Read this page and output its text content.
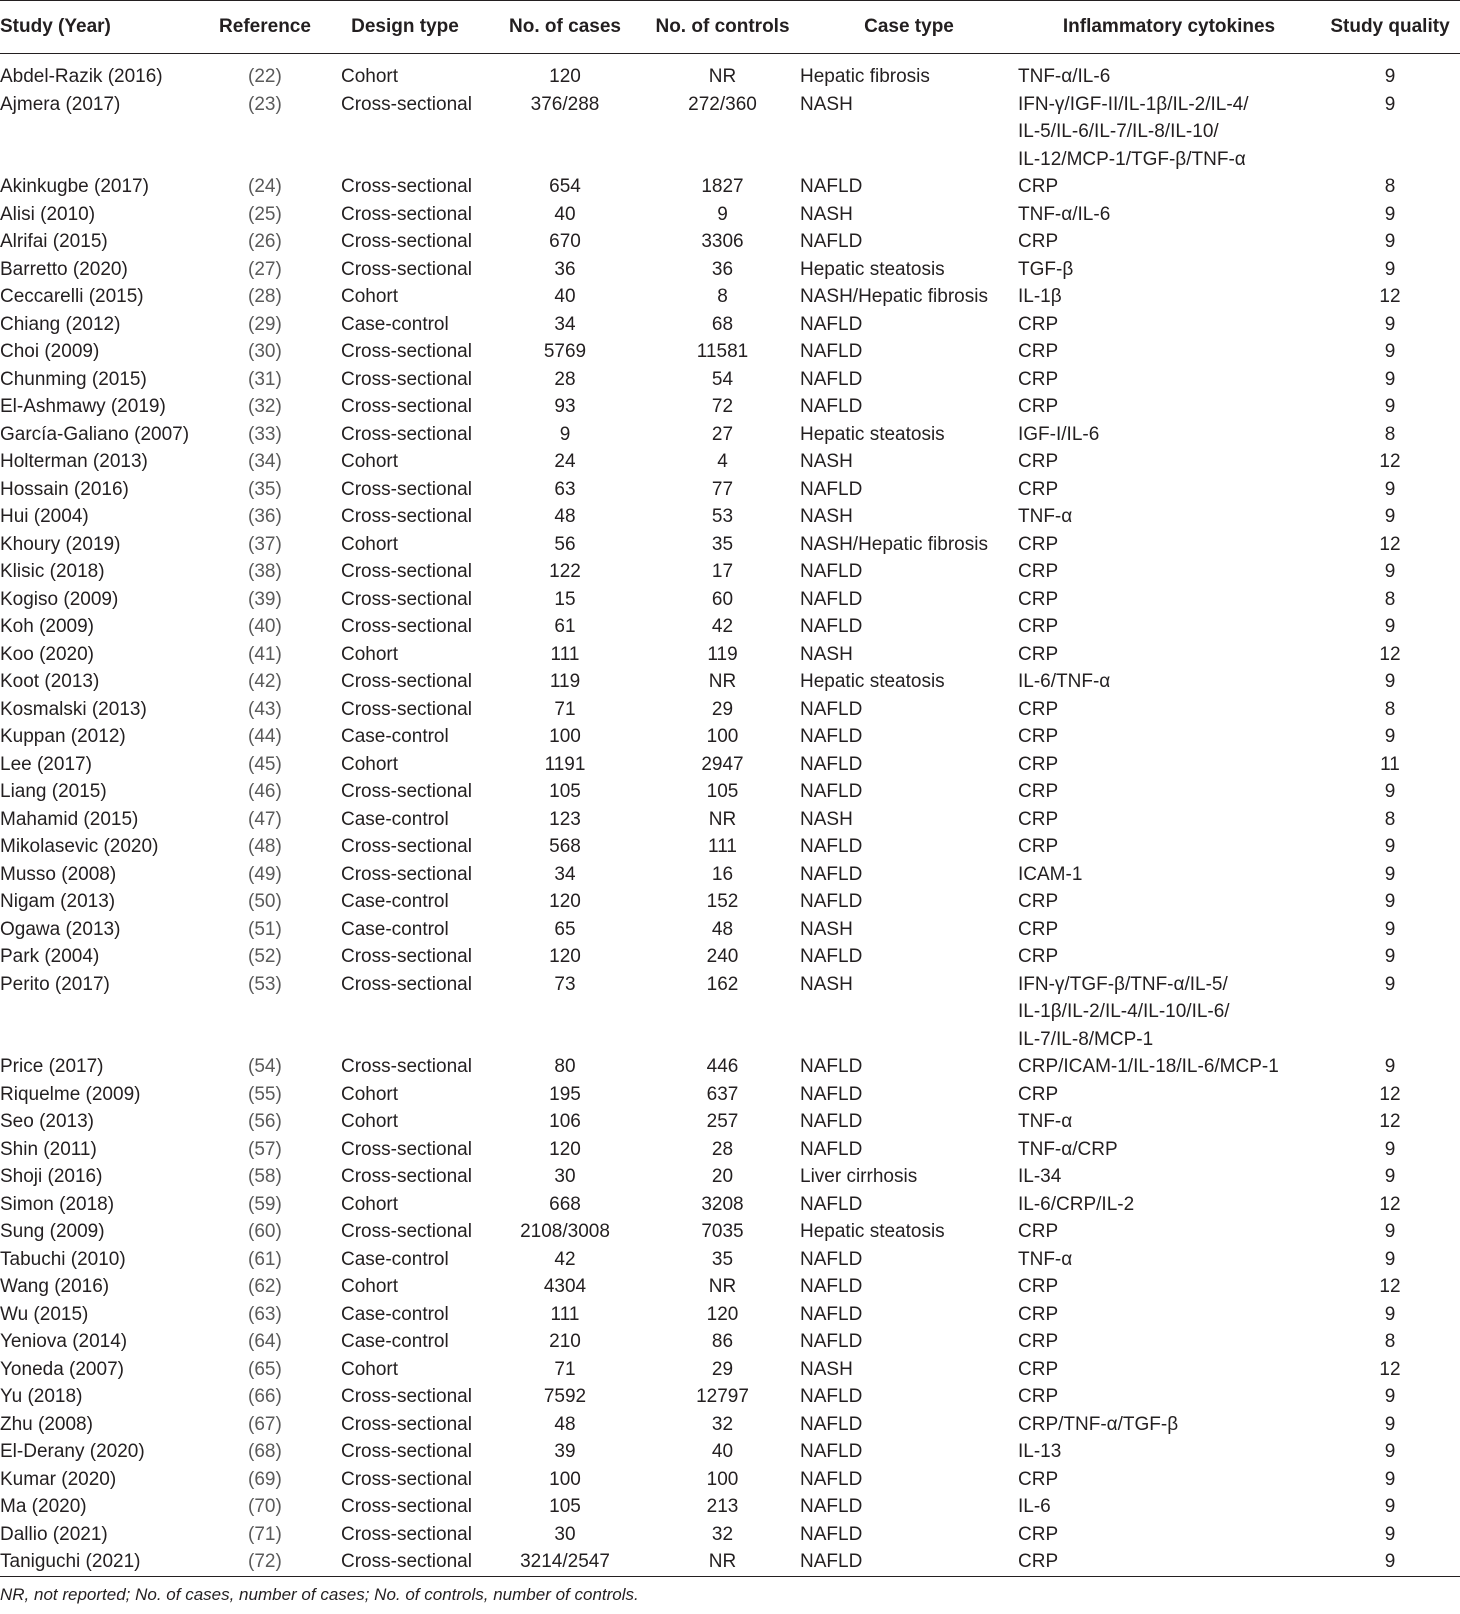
Study (Year)	Reference	Design type	No. of cases	No. of controls	Case type	Inflammatory cytokines	Study quality
Abdel-Razik (2016)	(22)	Cohort	120	NR	Hepatic fibrosis	TNF-α/IL-6	9
Ajmera (2017)	(23)	Cross-sectional	376/288	272/360	NASH	IFN-γ/IGF-II/IL-1β/IL-2/IL-4/
IL-5/IL-6/IL-7/IL-8/IL-10/
IL-12/MCP-1/TGF-β/TNF-α	9
Akinkugbe (2017)	(24)	Cross-sectional	654	1827	NAFLD	CRP	8
Alisi (2010)	(25)	Cross-sectional	40	9	NASH	TNF-α/IL-6	9
Alrifai (2015)	(26)	Cross-sectional	670	3306	NAFLD	CRP	9
Barretto (2020)	(27)	Cross-sectional	36	36	Hepatic steatosis	TGF-β	9
Ceccarelli (2015)	(28)	Cohort	40	8	NASH/Hepatic fibrosis	IL-1β	12
Chiang (2012)	(29)	Case-control	34	68	NAFLD	CRP	9
Choi (2009)	(30)	Cross-sectional	5769	11581	NAFLD	CRP	9
Chunming (2015)	(31)	Cross-sectional	28	54	NAFLD	CRP	9
El-Ashmawy (2019)	(32)	Cross-sectional	93	72	NAFLD	CRP	9
García-Galiano (2007)	(33)	Cross-sectional	9	27	Hepatic steatosis	IGF-I/IL-6	8
Holterman (2013)	(34)	Cohort	24	4	NASH	CRP	12
Hossain (2016)	(35)	Cross-sectional	63	77	NAFLD	CRP	9
Hui (2004)	(36)	Cross-sectional	48	53	NASH	TNF-α	9
Khoury (2019)	(37)	Cohort	56	35	NASH/Hepatic fibrosis	CRP	12
Klisic (2018)	(38)	Cross-sectional	122	17	NAFLD	CRP	9
Kogiso (2009)	(39)	Cross-sectional	15	60	NAFLD	CRP	8
Koh (2009)	(40)	Cross-sectional	61	42	NAFLD	CRP	9
Koo (2020)	(41)	Cohort	111	119	NASH	CRP	12
Koot (2013)	(42)	Cross-sectional	119	NR	Hepatic steatosis	IL-6/TNF-α	9
Kosmalski (2013)	(43)	Cross-sectional	71	29	NAFLD	CRP	8
Kuppan (2012)	(44)	Case-control	100	100	NAFLD	CRP	9
Lee (2017)	(45)	Cohort	1191	2947	NAFLD	CRP	11
Liang (2015)	(46)	Cross-sectional	105	105	NAFLD	CRP	9
Mahamid (2015)	(47)	Case-control	123	NR	NASH	CRP	8
Mikolasevic (2020)	(48)	Cross-sectional	568	111	NAFLD	CRP	9
Musso (2008)	(49)	Cross-sectional	34	16	NAFLD	ICAM-1	9
Nigam (2013)	(50)	Case-control	120	152	NAFLD	CRP	9
Ogawa (2013)	(51)	Case-control	65	48	NASH	CRP	9
Park (2004)	(52)	Cross-sectional	120	240	NAFLD	CRP	9
Perito (2017)	(53)	Cross-sectional	73	162	NASH	IFN-γ/TGF-β/TNF-α/IL-5/
IL-1β/IL-2/IL-4/IL-10/IL-6/
IL-7/IL-8/MCP-1	9
Price (2017)	(54)	Cross-sectional	80	446	NAFLD	CRP/ICAM-1/IL-18/IL-6/MCP-1	9
Riquelme (2009)	(55)	Cohort	195	637	NAFLD	CRP	12
Seo (2013)	(56)	Cohort	106	257	NAFLD	TNF-α	12
Shin (2011)	(57)	Cross-sectional	120	28	NAFLD	TNF-α/CRP	9
Shoji (2016)	(58)	Cross-sectional	30	20	Liver cirrhosis	IL-34	9
Simon (2018)	(59)	Cohort	668	3208	NAFLD	IL-6/CRP/IL-2	12
Sung (2009)	(60)	Cross-sectional	2108/3008	7035	Hepatic steatosis	CRP	9
Tabuchi (2010)	(61)	Case-control	42	35	NAFLD	TNF-α	9
Wang (2016)	(62)	Cohort	4304	NR	NAFLD	CRP	12
Wu (2015)	(63)	Case-control	111	120	NAFLD	CRP	9
Yeniova (2014)	(64)	Case-control	210	86	NAFLD	CRP	8
Yoneda (2007)	(65)	Cohort	71	29	NASH	CRP	12
Yu (2018)	(66)	Cross-sectional	7592	12797	NAFLD	CRP	9
Zhu (2008)	(67)	Cross-sectional	48	32	NAFLD	CRP/TNF-α/TGF-β	9
El-Derany (2020)	(68)	Cross-sectional	39	40	NAFLD	IL-13	9
Kumar (2020)	(69)	Cross-sectional	100	100	NAFLD	CRP	9
Ma (2020)	(70)	Cross-sectional	105	213	NAFLD	IL-6	9
Dallio (2021)	(71)	Cross-sectional	30	32	NAFLD	CRP	9
Taniguchi (2021)	(72)	Cross-sectional	3214/2547	NR	NAFLD	CRP	9
NR, not reported; No. of cases, number of cases; No. of controls, number of controls.
